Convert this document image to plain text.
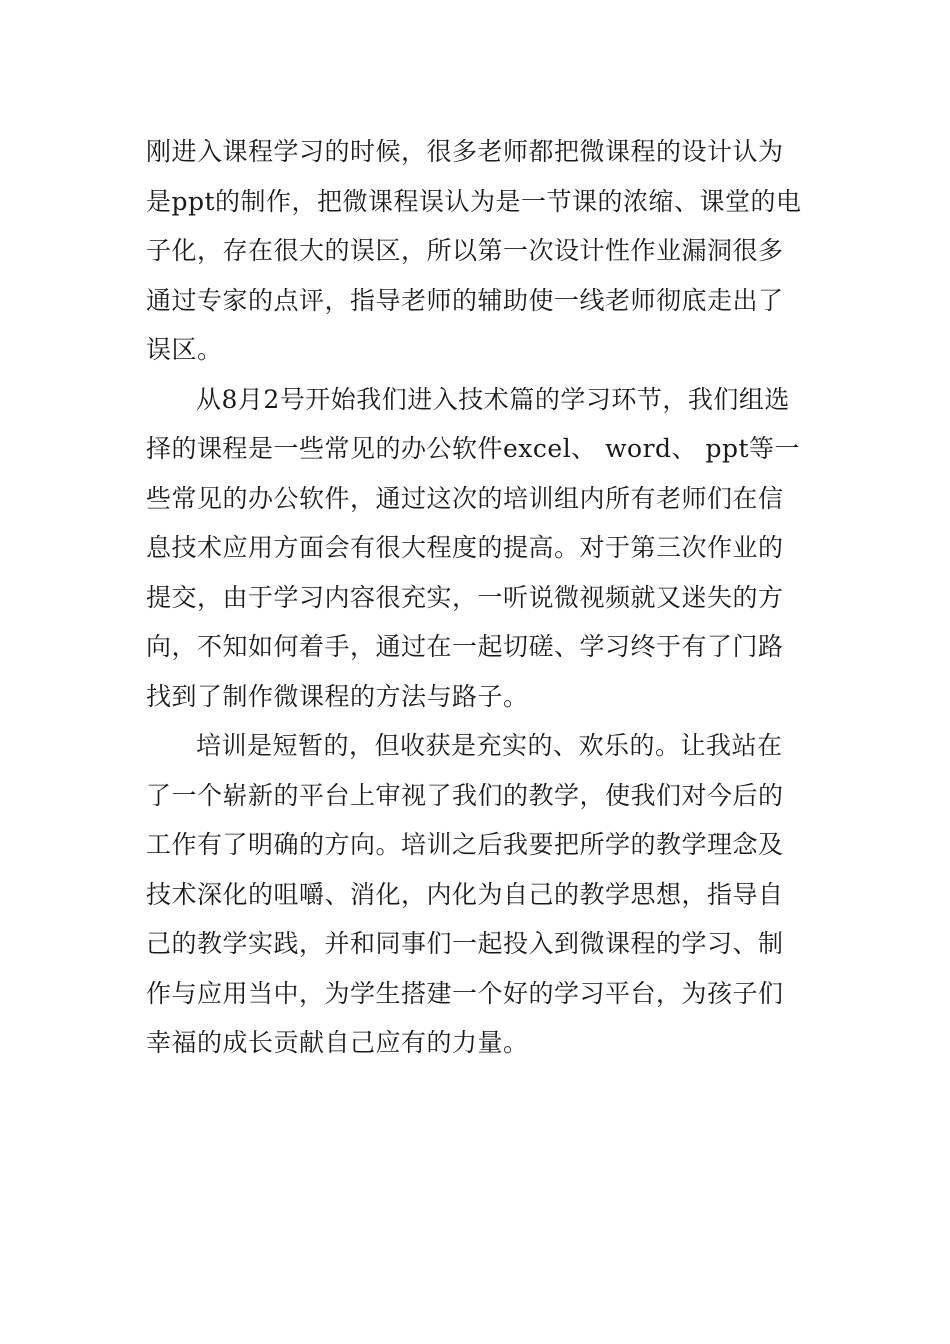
刚进入课程学习的时候，很多老师都把微课程的设计认为
是ppt的制作，把微课程误认为是一节课的浓缩、课堂的电
子化，存在很大的误区，所以第一次设计性作业漏洞很多
通过专家的点评，指导老师的辅助使一线老师彻底走出了
误区。
从8月2号开始我们进入技术篇的学习环节，我们组选
择的课程是一些常见的办公软件excel、 word、 ppt等一
些常见的办公软件，通过这次的培训组内所有老师们在信
息技术应用方面会有很大程度的提高。对于第三次作业的
提交，由于学习内容很充实，一听说微视频就又迷失的方
向，不知如何着手，通过在一起切磋、学习终于有了门路
找到了制作微课程的方法与路子。
培训是短暂的，但收获是充实的、欢乐的。让我站在
了一个崭新的平台上审视了我们的教学，使我们对今后的
工作有了明确的方向。培训之后我要把所学的教学理念及
技术深化的咀嚼、消化，内化为自己的教学思想，指导自
己的教学实践，并和同事们一起投入到微课程的学习、制
作与应用当中，为学生搭建一个好的学习平台，为孩子们
幸福的成长贡献自己应有的力量。
